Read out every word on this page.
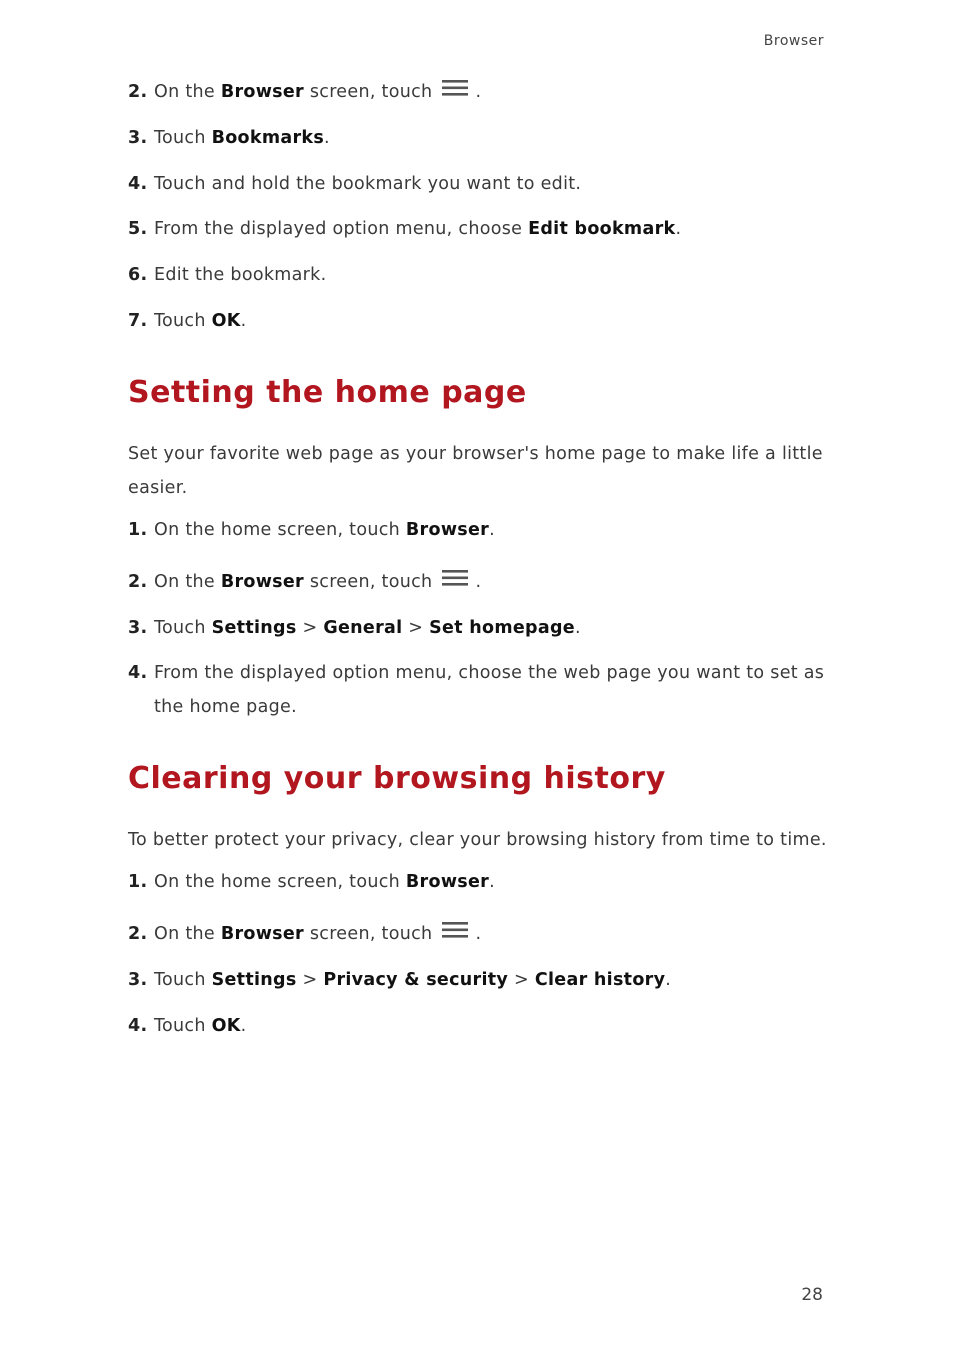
Browser
2. On the Browser screen, touch .
3. Touch Bookmarks.
4. Touch and hold the bookmark you want to edit.
5. From the displayed option menu, choose Edit bookmark.
6. Edit the bookmark.
7. Touch OK.
Setting the home page
Set your favorite web page as your browser's home page to make life a little
easier.
1. On the home screen, touch Browser.
2. On the Browser screen, touch .
3. Touch Settings > General > Set homepage.
4. From the displayed option menu, choose the web page you want to set as
the home page.
Clearing your browsing history
To better protect your privacy, clear your browsing history from time to time.
1. On the home screen, touch Browser.
2. On the Browser screen, touch .
3. Touch Settings > Privacy & security > Clear history.
4. Touch OK.
28
